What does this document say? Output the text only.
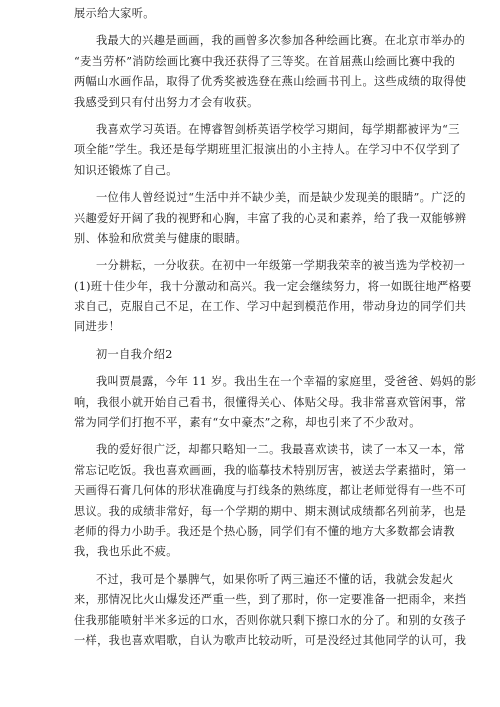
展示给大家听。
我最大的兴趣是画画，我的画曾多次参加各种绘画比赛。在北京市举办的
“麦当劳杯”消防绘画比赛中我还获得了三等奖。在首届燕山绘画比赛中我的
两幅山水画作品，取得了优秀奖被选登在燕山绘画书刊上。这些成绩的取得使
我感受到只有付出努力才会有收获。
我喜欢学习英语。在博睿智剑桥英语学校学习期间，每学期都被评为“三
项全能”学生。我还是每学期班里汇报演出的小主持人。在学习中不仅学到了
知识还锻炼了自己。
一位伟人曾经说过“生活中并不缺少美，而是缺少发现美的眼睛”。广泛的
兴趣爱好开阔了我的视野和心胸，丰富了我的心灵和素养，给了我一双能够辨
别、体验和欣赏美与健康的眼睛。
一分耕耘，一分收获。在初中一年级第一学期我荣幸的被当选为学校初一
(1)班十佳少年，我十分激动和高兴。我一定会继续努力，将一如既往地严格要
求自己，克服自己不足，在工作、学习中起到模范作用，带动身边的同学们共
同进步！
初一自我介绍2
我叫贾晨露，今年 11 岁。我出生在一个幸福的家庭里，受爸爸、妈妈的影
响，我很小就开始自己看书，很懂得关心、体贴父母。我非常喜欢管闲事，常
常为同学们打抱不平，素有“女中豪杰”之称，却也引来了不少敌对。
我的爱好很广泛，却都只略知一二。我最喜欢读书，读了一本又一本，常
常忘记吃饭。我也喜欢画画，我的临摹技术特别厉害，被送去学素描时，第一
天画得石膏几何体的形状准确度与打线条的熟练度，都让老师觉得有一些不可
思议。我的成绩非常好，每一个学期的期中、期末测试成绩都名列前茅，也是
老师的得力小助手。我还是个热心肠，同学们有不懂的地方大多数都会请教
我，我也乐此不疲。
不过，我可是个暴脾气，如果你听了两三遍还不懂的话，我就会发起火
来，那情况比火山爆发还严重一些，到了那时，你一定要准备一把雨伞，来挡
住我那能喷射半米多远的口水，否则你就只剩下擦口水的分了。和别的女孩子
一样，我也喜欢唱歌，自认为歌声比较动听，可是没经过其他同学的认可，我
